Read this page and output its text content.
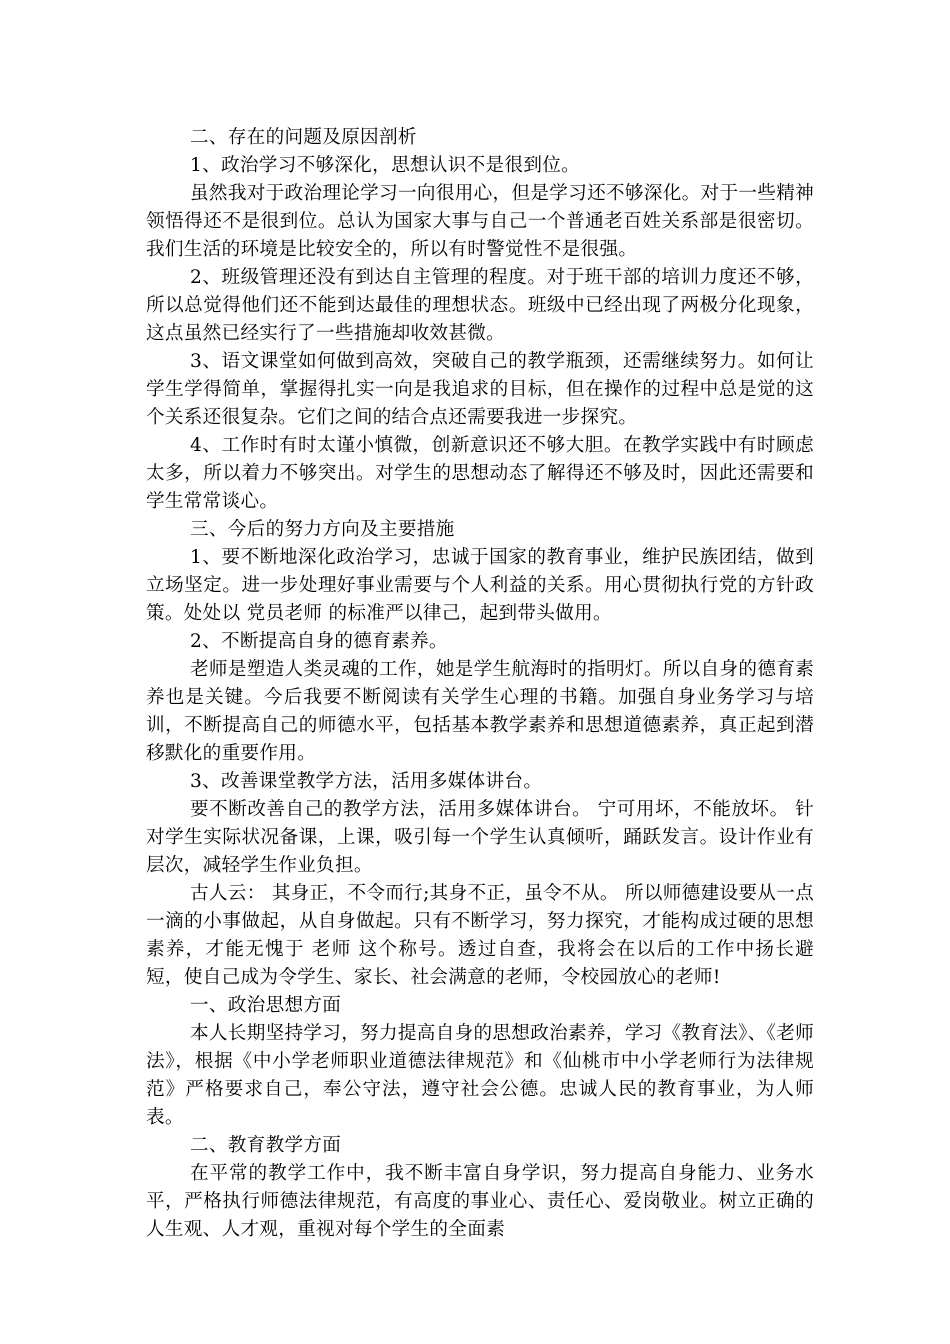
二、存在的问题及原因剖析

1、政治学习不够深化，思想认识不是很到位。

虽然我对于政治理论学习一向很用心，但是学习还不够深化。对于一些精神领悟得还不是很到位。总认为国家大事与自己一个普通老百姓关系部是很密切。我们生活的环境是比较安全的，所以有时警觉性不是很强。

2、班级管理还没有到达自主管理的程度。对于班干部的培训力度还不够，所以总觉得他们还不能到达最佳的理想状态。班级中已经出现了两极分化现象，这点虽然已经实行了一些措施却收效甚微。

3、语文课堂如何做到高效，突破自己的教学瓶颈，还需继续努力。如何让学生学得简单，掌握得扎实一向是我追求的目标，但在操作的过程中总是觉的这个关系还很复杂。它们之间的结合点还需要我进一步探究。

4、工作时有时太谨小慎微，创新意识还不够大胆。在教学实践中有时顾虑太多，所以着力不够突出。对学生的思想动态了解得还不够及时，因此还需要和学生常常谈心。

三、今后的努力方向及主要措施

1、要不断地深化政治学习，忠诚于国家的教育事业，维护民族团结，做到立场坚定。进一步处理好事业需要与个人利益的关系。用心贯彻执行党的方针政策。处处以 党员老师 的标准严以律己，起到带头做用。

2、不断提高自身的德育素养。

老师是塑造人类灵魂的工作，她是学生航海时的指明灯。所以自身的德育素养也是关键。今后我要不断阅读有关学生心理的书籍。加强自身业务学习与培训，不断提高自己的师德水平，包括基本教学素养和思想道德素养，真正起到潜移默化的重要作用。

3、改善课堂教学方法，活用多媒体讲台。

要不断改善自己的教学方法，活用多媒体讲台。 宁可用坏，不能放坏。 针对学生实际状况备课，上课，吸引每一个学生认真倾听，踊跃发言。设计作业有层次，减轻学生作业负担。

古人云： 其身正，不令而行;其身不正，虽令不从。 所以师德建设要从一点一滴的小事做起，从自身做起。只有不断学习，努力探究，才能构成过硬的思想素养，才能无愧于 老师 这个称号。透过自查，我将会在以后的工作中扬长避短，使自己成为令学生、家长、社会满意的老师，令校园放心的老师!

一、政治思想方面

本人长期坚持学习，努力提高自身的思想政治素养，学习《教育法》、《老师法》，根据《中小学老师职业道德法律规范》和《仙桃市中小学老师行为法律规范》严格要求自己，奉公守法，遵守社会公德。忠诚人民的教育事业，为人师表。

二、教育教学方面

在平常的教学工作中，我不断丰富自身学识，努力提高自身能力、业务水平，严格执行师德法律规范，有高度的事业心、责任心、爱岗敬业。树立正确的人生观、人才观，重视对每个学生的全面素
